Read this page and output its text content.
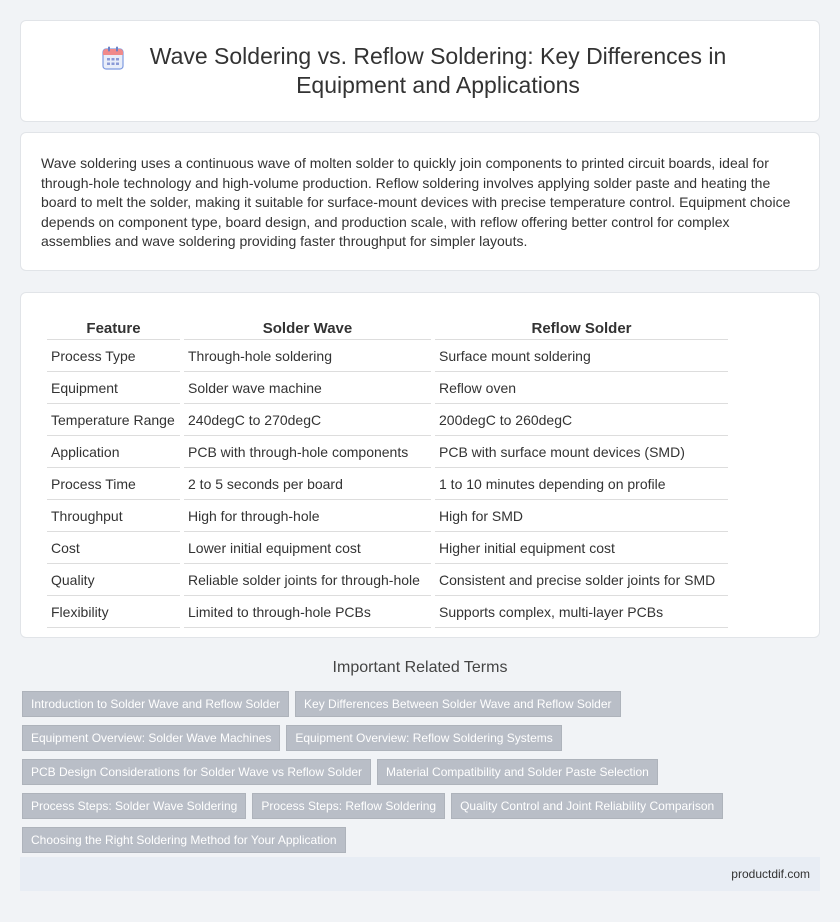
Wave Soldering vs. Reflow Soldering: Key Differences in Equipment and Applications

Wave soldering uses a continuous wave of molten solder to quickly join components to printed circuit boards, ideal for through-hole technology and high-volume production. Reflow soldering involves applying solder paste and heating the board to melt the solder, making it suitable for surface-mount devices with precise temperature control. Equipment choice depends on component type, board design, and production scale, with reflow offering better control for complex assemblies and wave soldering providing faster throughput for simpler layouts.

Feature	Solder Wave	Reflow Solder
Process Type	Through-hole soldering	Surface mount soldering
Equipment	Solder wave machine	Reflow oven
Temperature Range	240degC to 270degC	200degC to 260degC
Application	PCB with through-hole components	PCB with surface mount devices (SMD)
Process Time	2 to 5 seconds per board	1 to 10 minutes depending on profile
Throughput	High for through-hole	High for SMD
Cost	Lower initial equipment cost	Higher initial equipment cost
Quality	Reliable solder joints for through-hole	Consistent and precise solder joints for SMD
Flexibility	Limited to through-hole PCBs	Supports complex, multi-layer PCBs
Important Related Terms
Introduction to Solder Wave and Reflow Solder	Key Differences Between Solder Wave and Reflow Solder
Equipment Overview: Solder Wave Machines	Equipment Overview: Reflow Soldering Systems
PCB Design Considerations for Solder Wave vs Reflow Solder	Material Compatibility and Solder Paste Selection
Process Steps: Solder Wave Soldering	Process Steps: Reflow Soldering	Quality Control and Joint Reliability Comparison
Choosing the Right Soldering Method for Your Application
productdif.com
